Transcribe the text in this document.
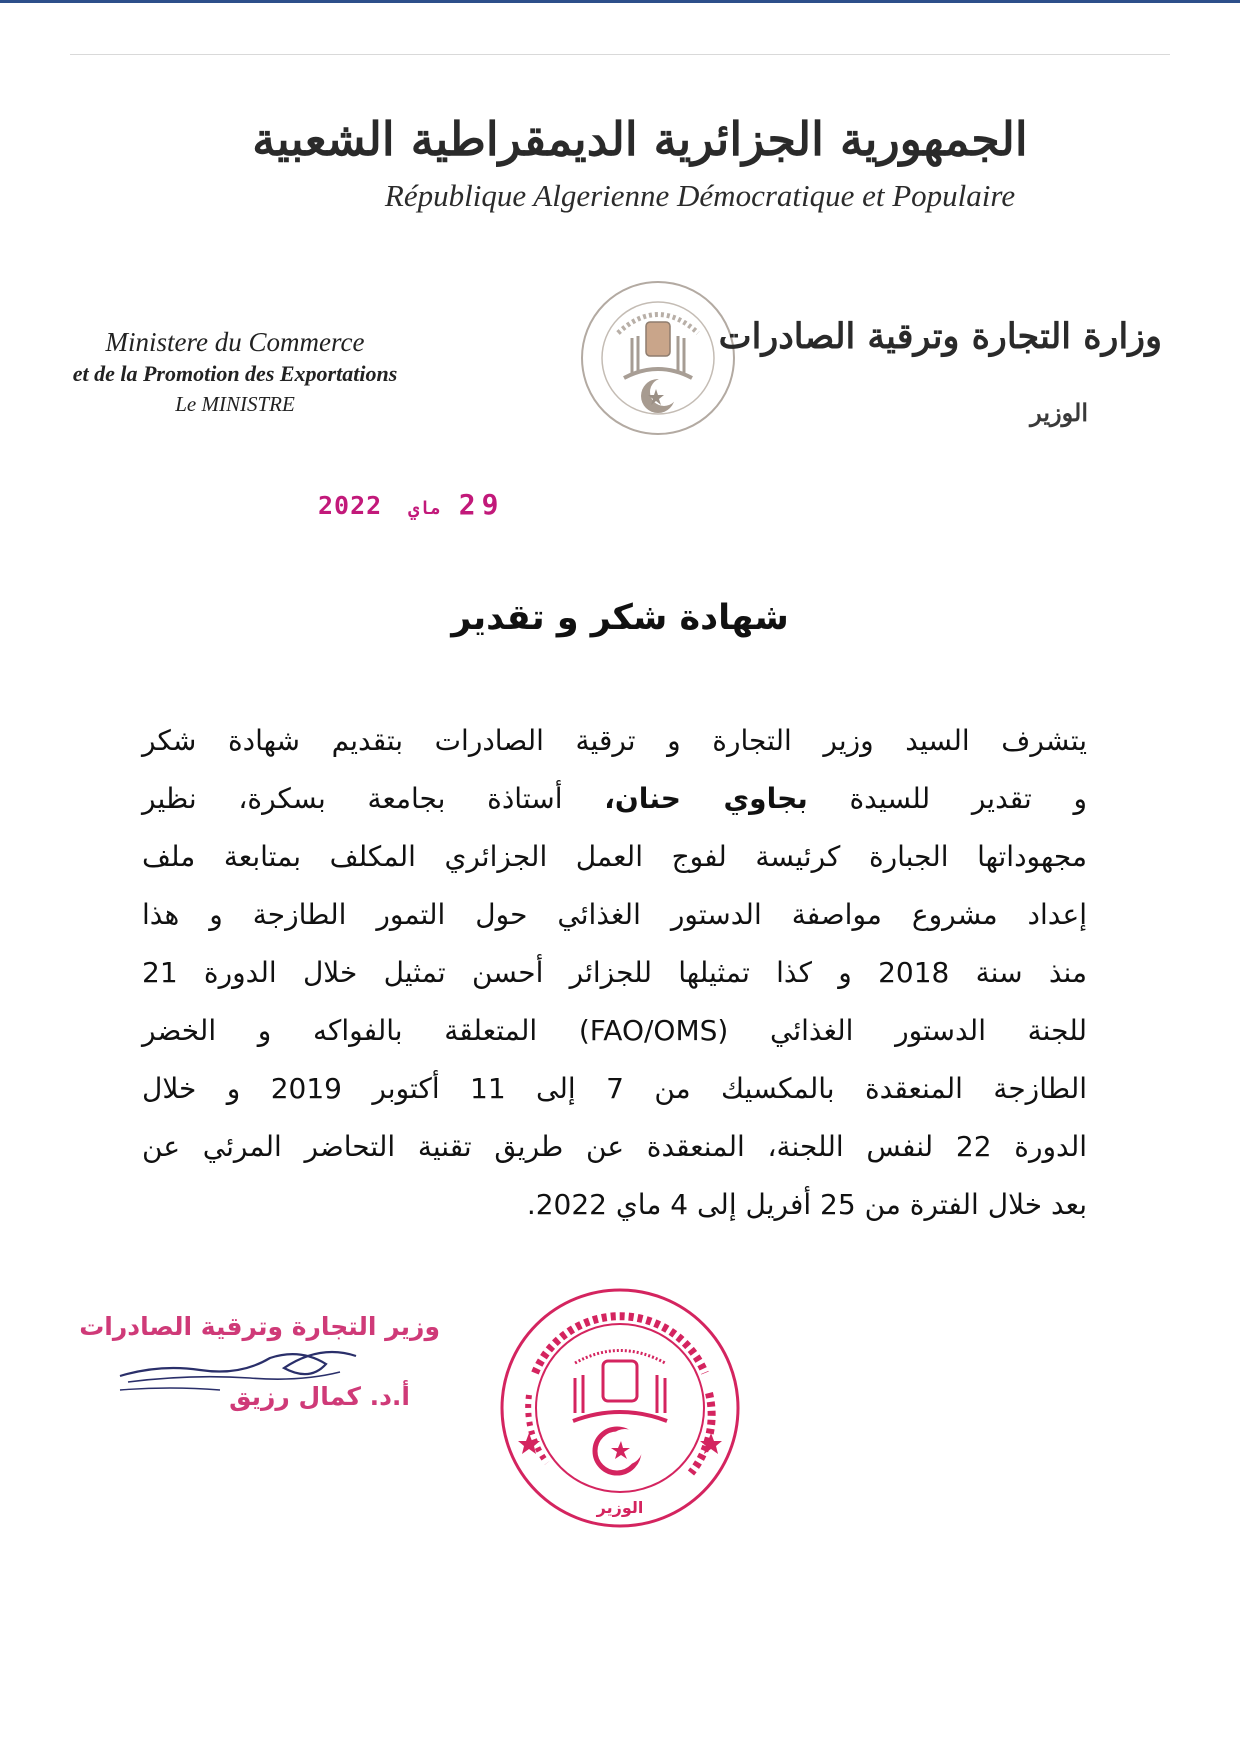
الجمهورية الجزائرية الديمقراطية الشعبية
République Algerienne Démocratique et Populaire
Ministere du Commerce
et de la Promotion des Exportations
Le MINISTRE
وزارة التجارة وترقية الصادرات
الوزير
2022 ماي 29
شهادة شكر و تقدير
يتشرف السيد وزير التجارة و ترقية الصادرات بتقديم شهادة شكر
و تقدير للسيدة بجاوي حنان، أستاذة بجامعة بسكرة، نظير
مجهوداتها الجبارة كرئيسة لفوج العمل الجزائري المكلف بمتابعة ملف
إعداد مشروع مواصفة الدستور الغذائي حول التمور الطازجة و هذا
منذ سنة 2018 و كذا تمثيلها للجزائر أحسن تمثيل خلال الدورة 21
للجنة الدستور الغذائي (FAO/OMS) المتعلقة بالفواكه و الخضر
الطازجة المنعقدة بالمكسيك من 7 إلى 11 أكتوبر 2019 و خلال
الدورة 22 لنفس اللجنة، المنعقدة عن طريق تقنية التحاضر المرئي عن
بعد خلال الفترة من 25 أفريل إلى 4 ماي 2022.
وزير التجارة وترقية الصادرات
أ.د. كمال رزيق
الوزير
